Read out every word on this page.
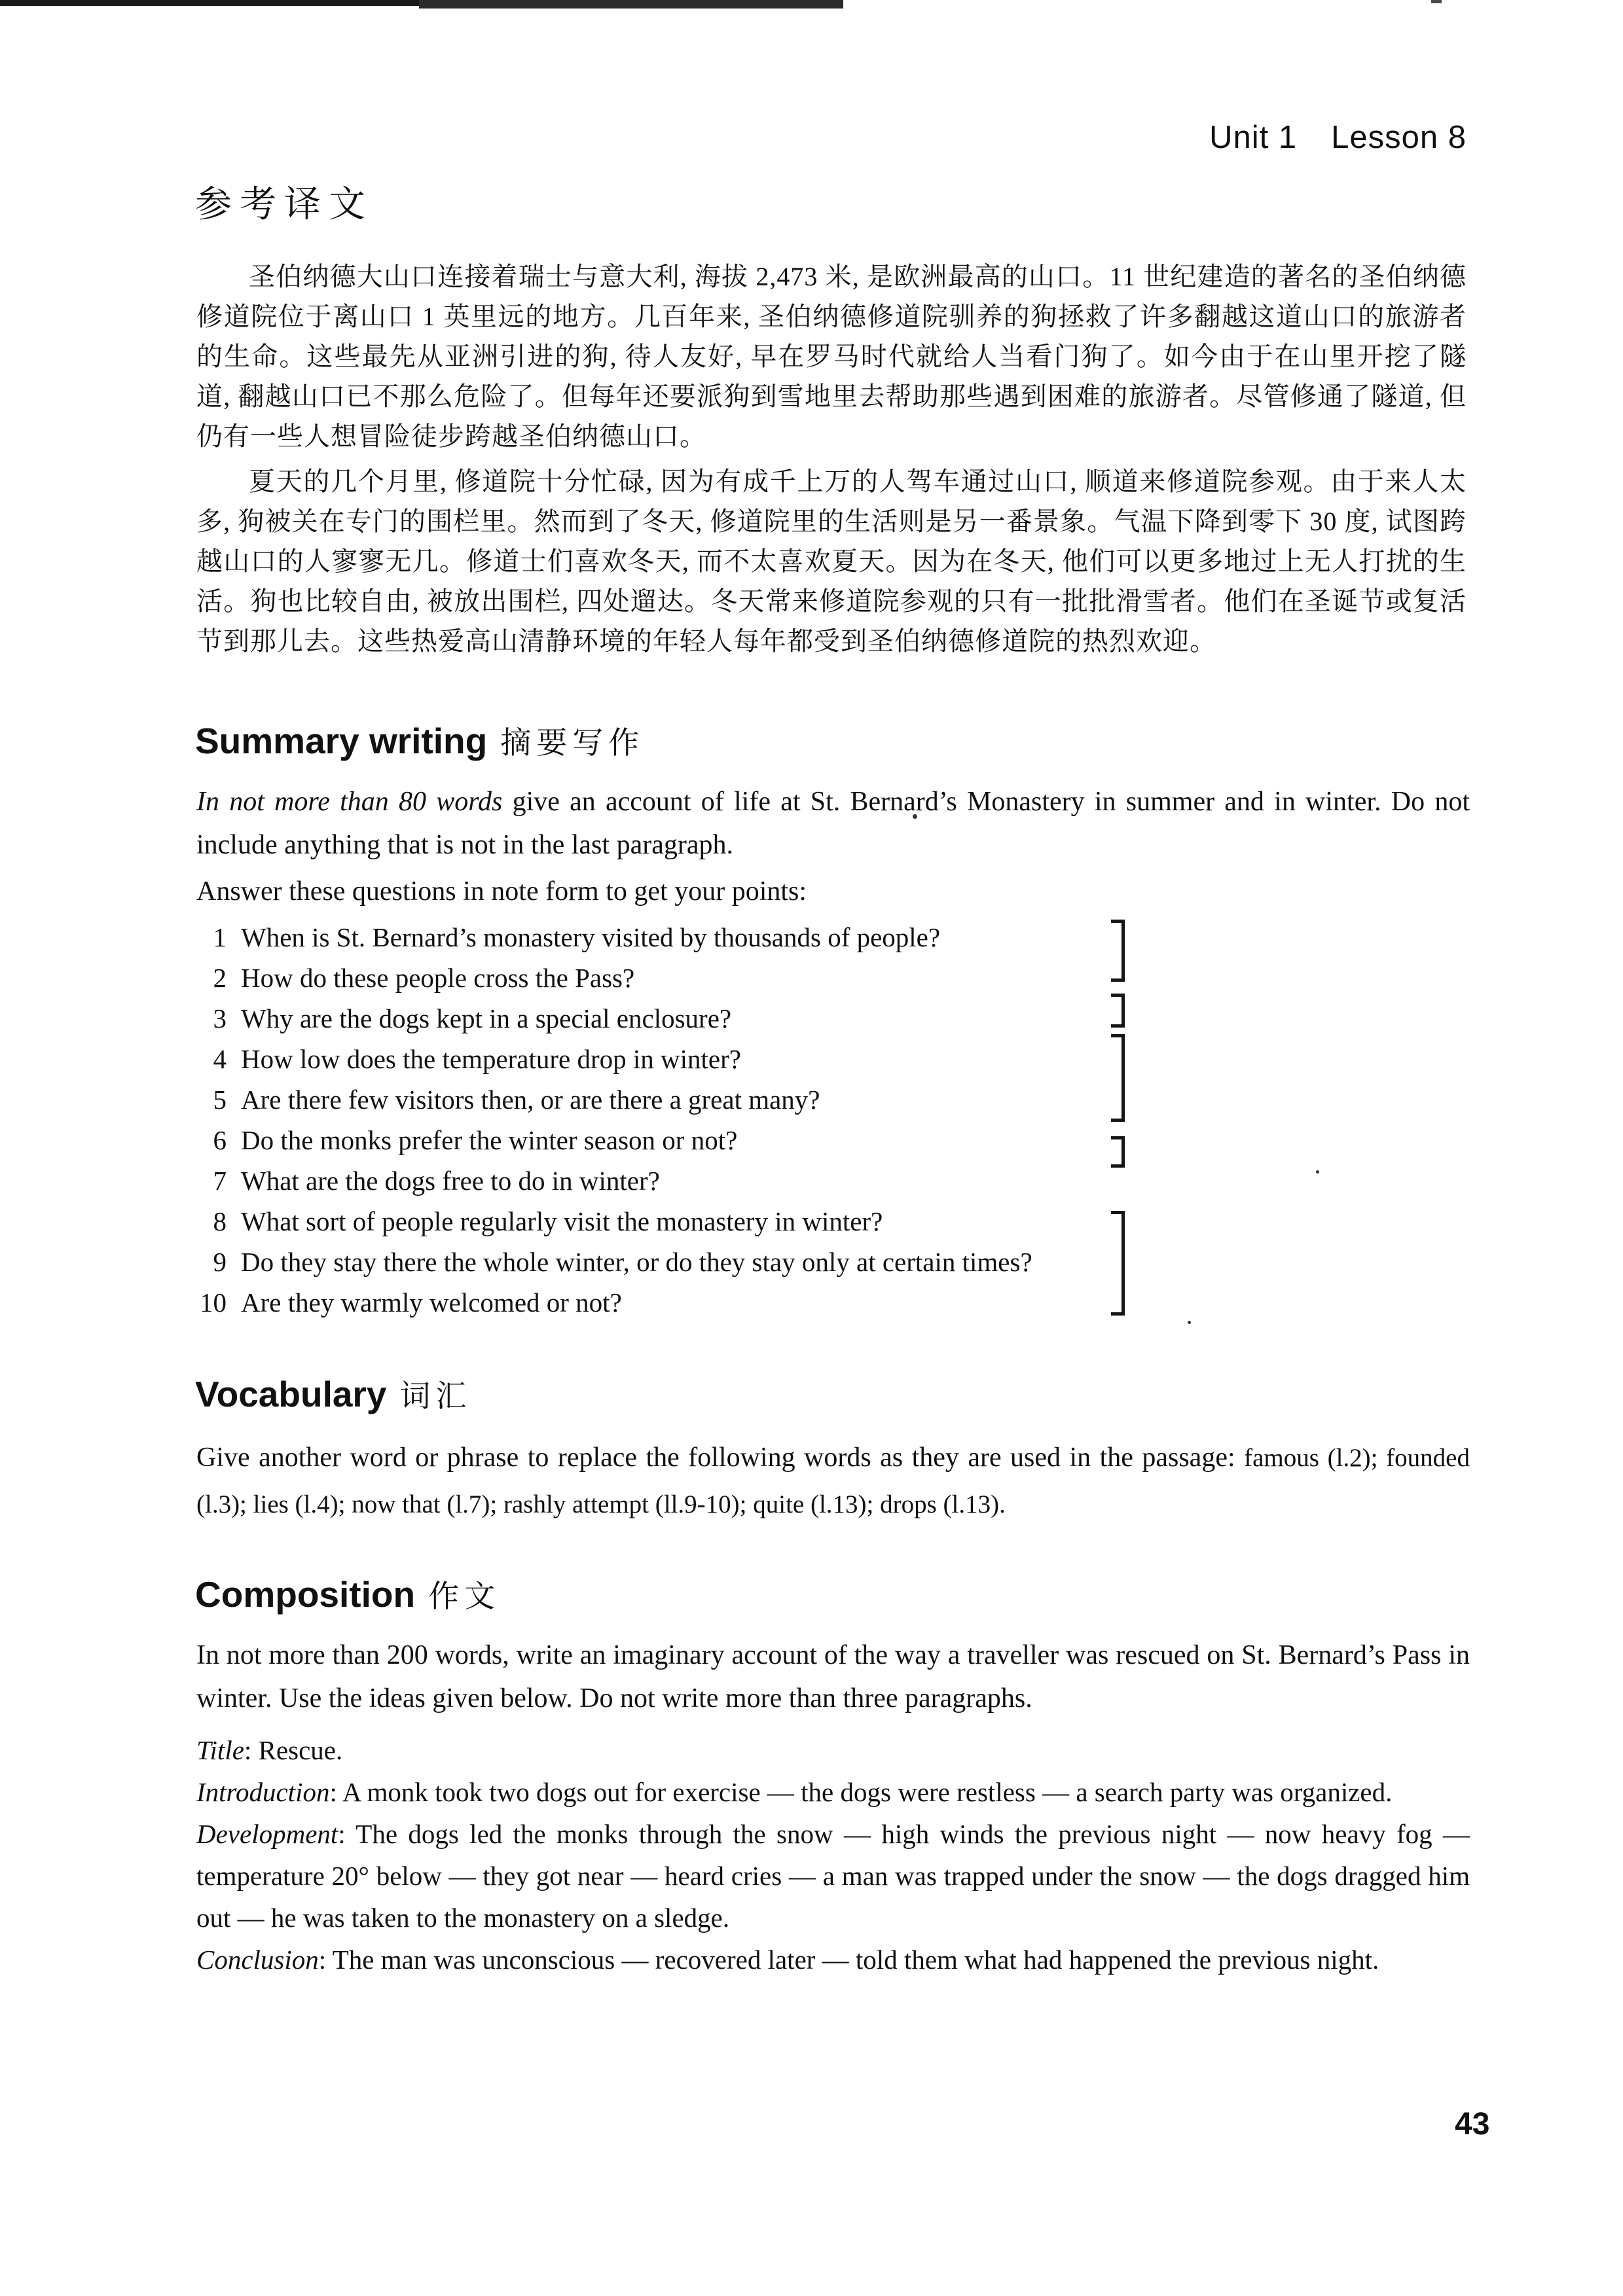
Unit 1 Lesson 8
参考译文
圣伯纳德大山口连接着瑞士与意大利, 海拔 2,473 米, 是欧洲最高的山口。11 世纪建造的著名的圣伯纳德修道院位于离山口 1 英里远的地方。几百年来, 圣伯纳德修道院驯养的狗拯救了许多翻越这道山口的旅游者的生命。这些最先从亚洲引进的狗, 待人友好, 早在罗马时代就给人当看门狗了。如今由于在山里开挖了隧道, 翻越山口已不那么危险了。但每年还要派狗到雪地里去帮助那些遇到困难的旅游者。尽管修通了隧道, 但仍有一些人想冒险徒步跨越圣伯纳德山口。
夏天的几个月里, 修道院十分忙碌, 因为有成千上万的人驾车通过山口, 顺道来修道院参观。由于来人太多, 狗被关在专门的围栏里。然而到了冬天, 修道院里的生活则是另一番景象。气温下降到零下 30 度, 试图跨越山口的人寥寥无几。修道士们喜欢冬天, 而不太喜欢夏天。因为在冬天, 他们可以更多地过上无人打扰的生活。狗也比较自由, 被放出围栏, 四处遛达。冬天常来修道院参观的只有一批批滑雪者。他们在圣诞节或复活节到那儿去。这些热爱高山清静环境的年轻人每年都受到圣伯纳德修道院的热烈欢迎。
Summary writing 摘要写作
In not more than 80 words give an account of life at St. Bernard’s Monastery in summer and in winter. Do not include anything that is not in the last paragraph.
Answer these questions in note form to get your points:
1 When is St. Bernard’s monastery visited by thousands of people?
2 How do these people cross the Pass?
3 Why are the dogs kept in a special enclosure?
4 How low does the temperature drop in winter?
5 Are there few visitors then, or are there a great many?
6 Do the monks prefer the winter season or not?
7 What are the dogs free to do in winter?
8 What sort of people regularly visit the monastery in winter?
9 Do they stay there the whole winter, or do they stay only at certain times?
10 Are they warmly welcomed or not?
Vocabulary 词汇
Give another word or phrase to replace the following words as they are used in the passage: famous (l.2); founded (l.3); lies (l.4); now that (l.7); rashly attempt (ll.9-10); quite (l.13); drops (l.13).
Composition 作文
In not more than 200 words, write an imaginary account of the way a traveller was rescued on St. Bernard’s Pass in winter. Use the ideas given below. Do not write more than three paragraphs.

Title: Rescue.

Introduction: A monk took two dogs out for exercise — the dogs were restless — a search party was organized.

Development: The dogs led the monks through the snow — high winds the previous night — now heavy fog — temperature 20° below — they got near — heard cries — a man was trapped under the snow — the dogs dragged him out — he was taken to the monastery on a sledge.

Conclusion: The man was unconscious — recovered later — told them what had happened the previous night.

43
